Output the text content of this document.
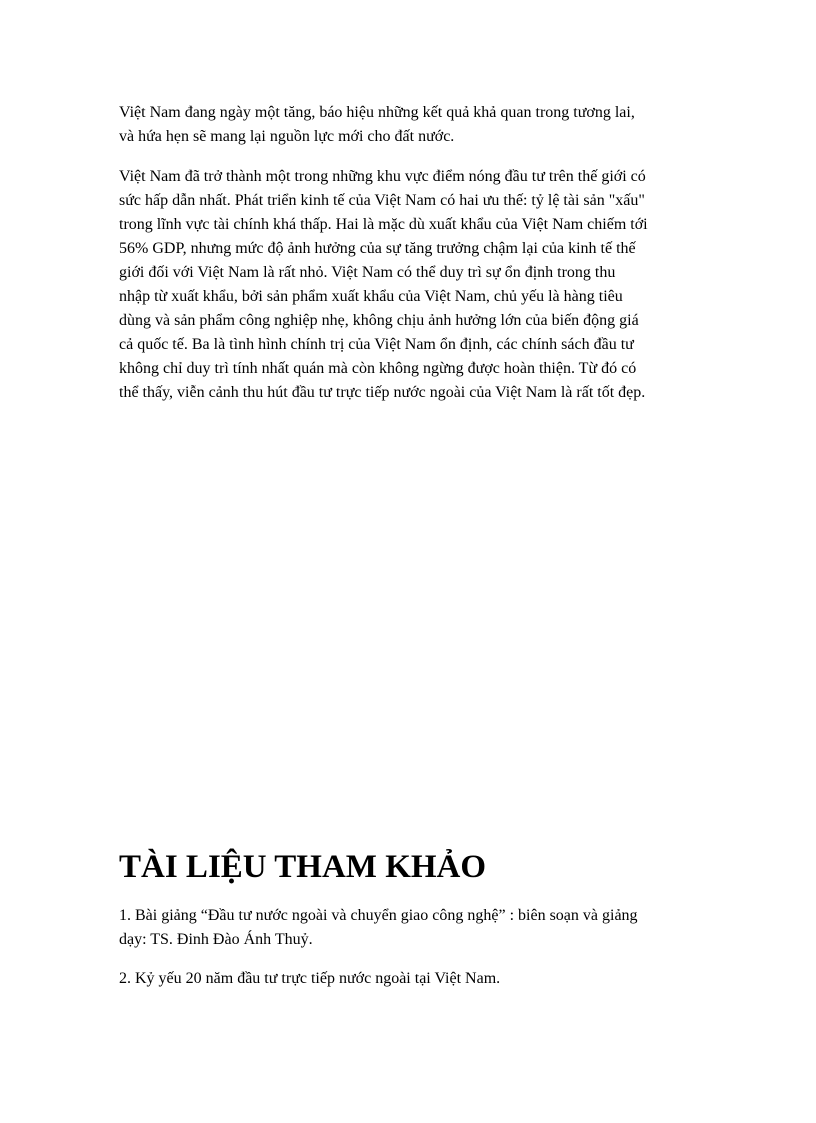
Việt Nam đang ngày một tăng, báo hiệu những kết quả khả quan trong tương lai,
và hứa hẹn sẽ mang lại nguồn lực mới cho đất nước.

Việt Nam đã trở thành một trong những khu vực điểm nóng đầu tư trên thế giới có
sức hấp dẫn nhất. Phát triển kinh tế của Việt Nam có hai ưu thế: tỷ lệ tài sản "xấu"
trong lĩnh vực tài chính khá thấp. Hai là mặc dù xuất khẩu của Việt Nam chiếm tới
56% GDP, nhưng mức độ ảnh hưởng của sự tăng trưởng chậm lại của kinh tế thế
giới đối với Việt Nam là rất nhỏ. Việt Nam có thể duy trì sự ổn định trong thu
nhập từ xuất khẩu, bởi sản phẩm xuất khẩu của Việt Nam, chủ yếu là hàng tiêu
dùng và sản phẩm công nghiệp nhẹ, không chịu ảnh hưởng lớn của biến động giá
cả quốc tế. Ba là tình hình chính trị của Việt Nam ổn định, các chính sách đầu tư
không chỉ duy trì tính nhất quán mà còn không ngừng được hoàn thiện. Từ đó có
thể thấy, viễn cảnh thu hút đầu tư trực tiếp nước ngoài của Việt Nam là rất tốt đẹp.

TÀI LIỆU THAM KHẢO

1. Bài giảng “Đầu tư nước ngoài và chuyển giao công nghệ” : biên soạn và giảng
dạy: TS. Đinh Đào Ánh Thuỷ.

2. Kỷ yếu 20 năm đầu tư trực tiếp nước ngoài tại Việt Nam.
